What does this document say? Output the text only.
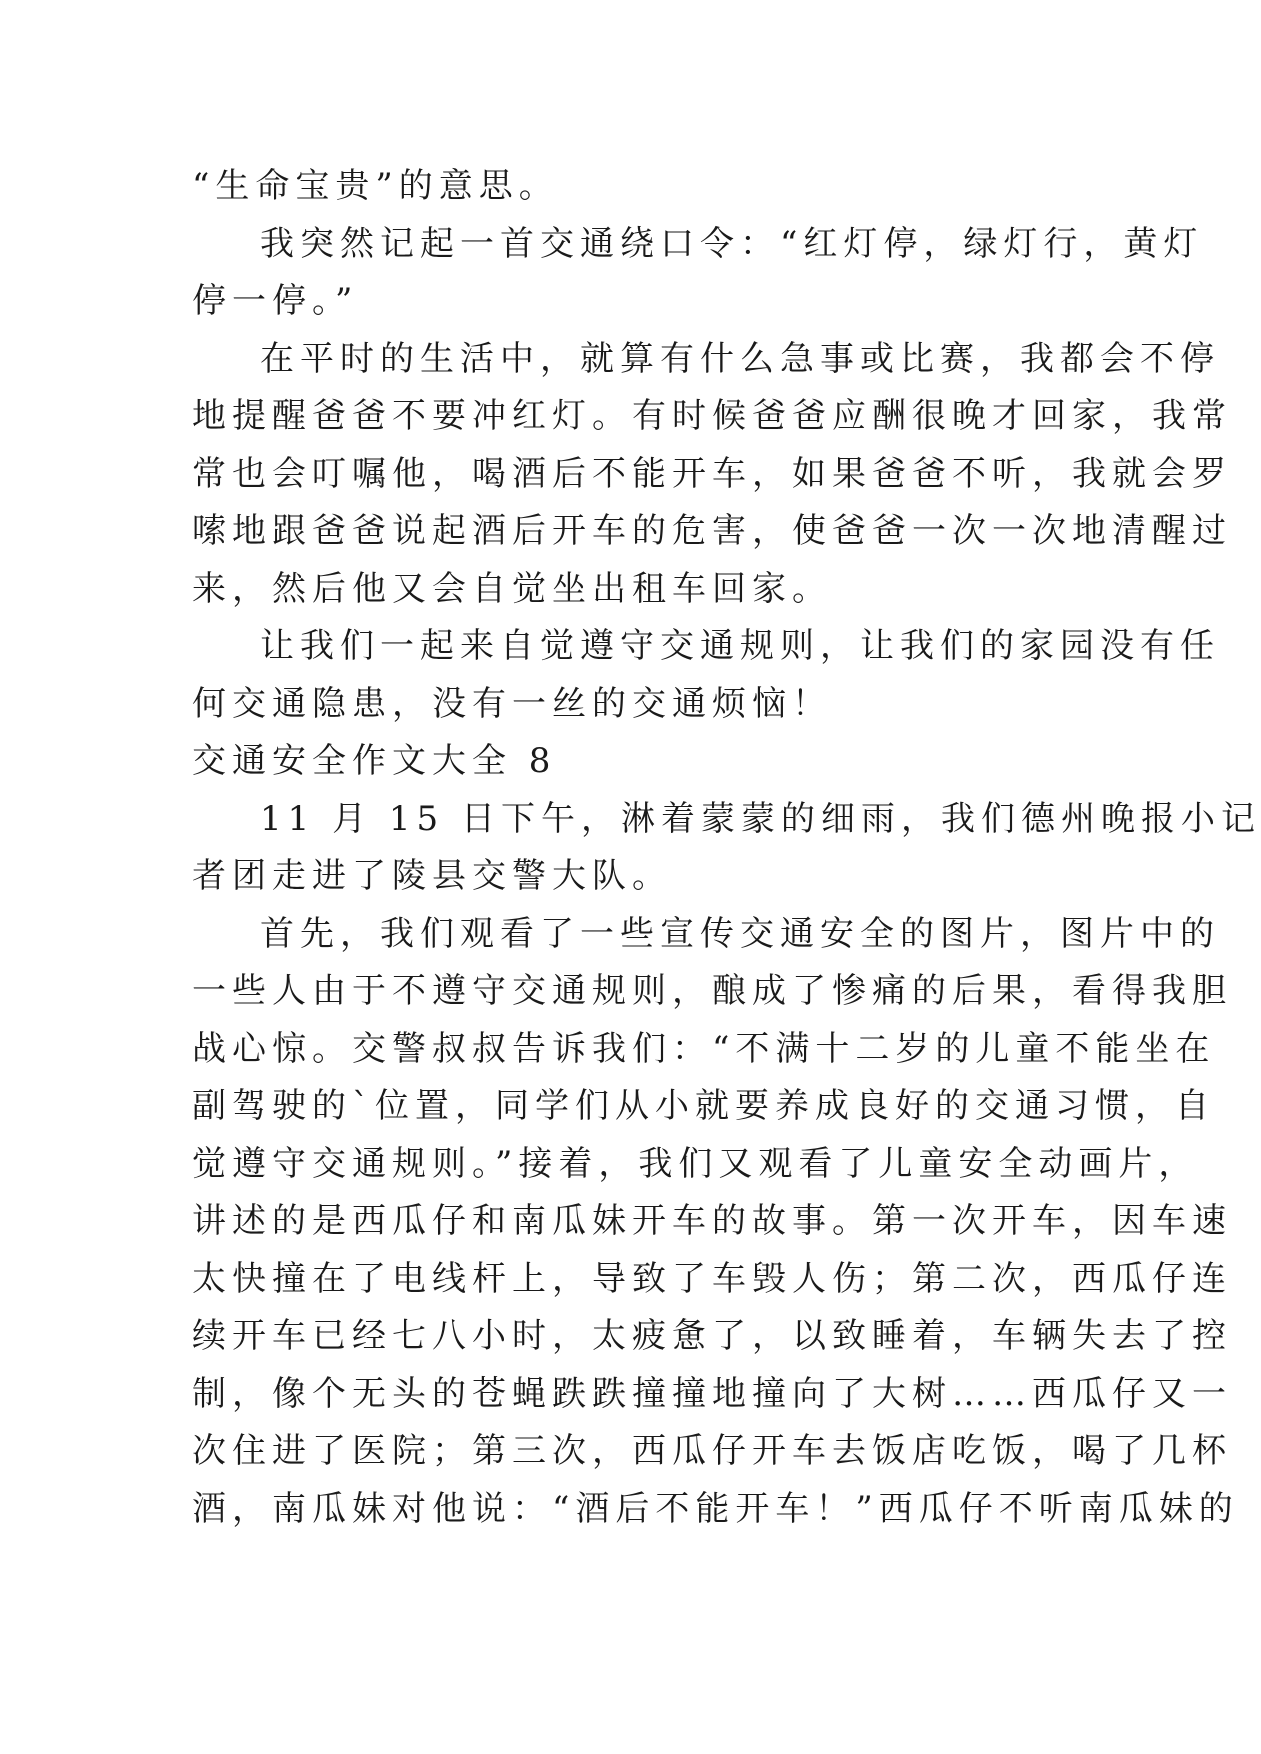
“生命宝贵”的意思。
我突然记起一首交通绕口令：“红灯停，绿灯行，黄灯
停一停。”
在平时的生活中，就算有什么急事或比赛，我都会不停
地提醒爸爸不要冲红灯。有时候爸爸应酬很晚才回家，我常
常也会叮嘱他，喝酒后不能开车，如果爸爸不听，我就会罗
嗦地跟爸爸说起酒后开车的危害，使爸爸一次一次地清醒过
来，然后他又会自觉坐出租车回家。
让我们一起来自觉遵守交通规则，让我们的家园没有任
何交通隐患，没有一丝的交通烦恼！
交通安全作文大全 8
11 月 15 日下午，淋着蒙蒙的细雨，我们德州晚报小记
者团走进了陵县交警大队。
首先，我们观看了一些宣传交通安全的图片，图片中的
一些人由于不遵守交通规则，酿成了惨痛的后果，看得我胆
战心惊。交警叔叔告诉我们：“不满十二岁的儿童不能坐在
副驾驶的`位置，同学们从小就要养成良好的交通习惯，自
觉遵守交通规则。”接着，我们又观看了儿童安全动画片，
讲述的是西瓜仔和南瓜妹开车的故事。第一次开车，因车速
太快撞在了电线杆上，导致了车毁人伤；第二次，西瓜仔连
续开车已经七八小时，太疲惫了，以致睡着，车辆失去了控
制，像个无头的苍蝇跌跌撞撞地撞向了大树……西瓜仔又一
次住进了医院；第三次，西瓜仔开车去饭店吃饭，喝了几杯
酒，南瓜妹对他说：“酒后不能开车！”西瓜仔不听南瓜妹的
